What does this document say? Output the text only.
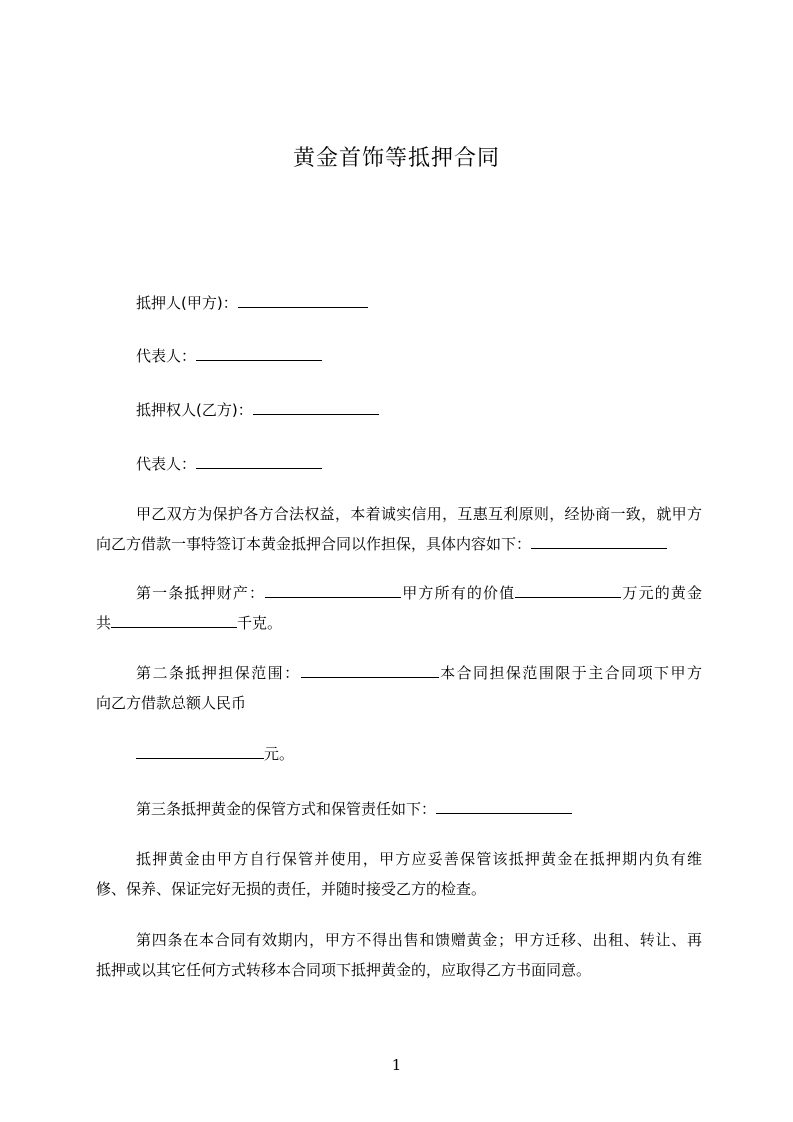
黄金首饰等抵押合同
抵押人(甲方)：
代表人：
抵押权人(乙方)：
代表人：
甲乙双方为保护各方合法权益，本着诚实信用，互惠互利原则，经协商一致，就甲方
向乙方借款一事特签订本黄金抵押合同以作担保，具体内容如下：
第一条抵押财产：	甲方所有的价值	万元的黄金
共	千克。
第二条抵押担保范围：	本合同担保范围限于主合同项下甲方
向乙方借款总额人民币
元。
第三条抵押黄金的保管方式和保管责任如下：
抵押黄金由甲方自行保管并使用，甲方应妥善保管该抵押黄金在抵押期内负有维
修、保养、保证完好无损的责任，并随时接受乙方的检查。
第四条在本合同有效期内，甲方不得出售和馈赠黄金；甲方迁移、出租、转让、再
抵押或以其它任何方式转移本合同项下抵押黄金的，应取得乙方书面同意。
1
